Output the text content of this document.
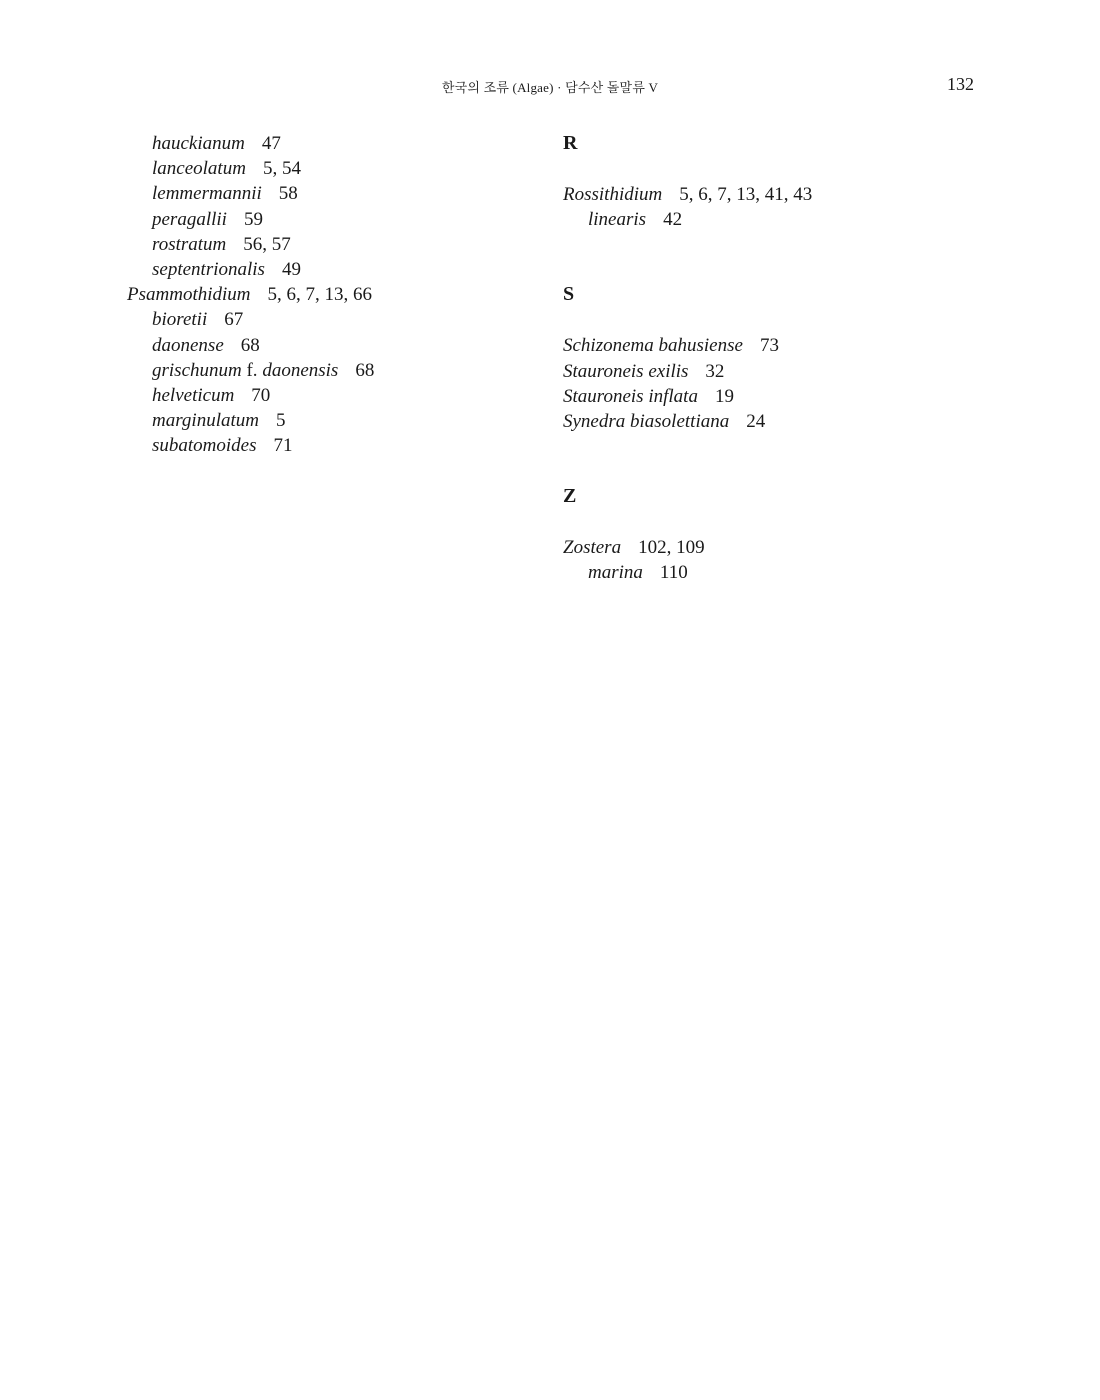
한국의 조류 (Algae) · 담수산 돌말류 V	132
hauckianum 47
lanceolatum 5, 54
lemmermannii 58
peragallii 59
rostratum 56, 57
septentrionalis 49
Psammothidium 5, 6, 7, 13, 66
bioretii 67
daonense 68
grischunum f. daonensis 68
helveticum 70
marginulatum 5
subatomoides 71
R
Rossithidium 5, 6, 7, 13, 41, 43
linearis 42
S
Schizonema bahusiense 73
Stauroneis exilis 32
Stauroneis inflata 19
Synedra biasolettiana 24
Z
Zostera 102, 109
marina 110
